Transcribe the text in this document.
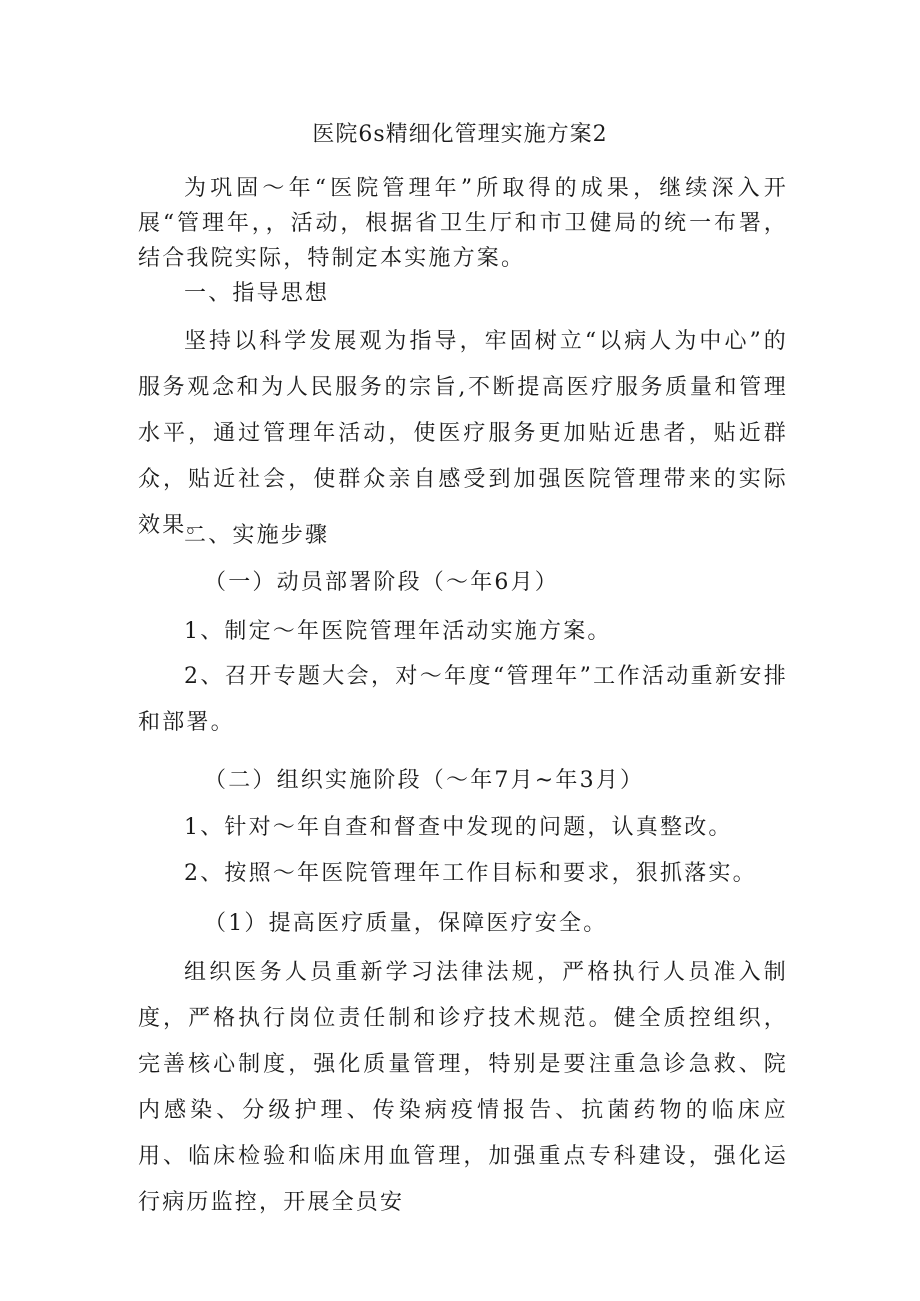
医院6s精细化管理实施方案2

为巩固～年“医院管理年”所取得的成果，继续深入开展“管理年，，活动，根据省卫生厅和市卫健局的统一布署，结合我院实际，特制定本实施方案。

一、指导思想

坚持以科学发展观为指导，牢固树立“以病人为中心”的服务观念和为人民服务的宗旨,不断提高医疗服务质量和管理水平，通过管理年活动，使医疗服务更加贴近患者，贴近群众，贴近社会，使群众亲自感受到加强医院管理带来的实际效果。

二、实施步骤

（一）动员部署阶段（～年6月）

1、制定～年医院管理年活动实施方案。

2、召开专题大会，对～年度“管理年”工作活动重新安排和部署。

（二）组织实施阶段（～年7月~年3月）

1、针对～年自查和督查中发现的问题，认真整改。

2、按照～年医院管理年工作目标和要求，狠抓落实。

（1）提高医疗质量，保障医疗安全。

组织医务人员重新学习法律法规，严格执行人员准入制度，严格执行岗位责任制和诊疗技术规范。健全质控组织，完善核心制度，强化质量管理，特别是要注重急诊急救、院内感染、分级护理、传染病疫情报告、抗菌药物的临床应用、临床检验和临床用血管理，加强重点专科建设，强化运行病历监控，开展全员安
